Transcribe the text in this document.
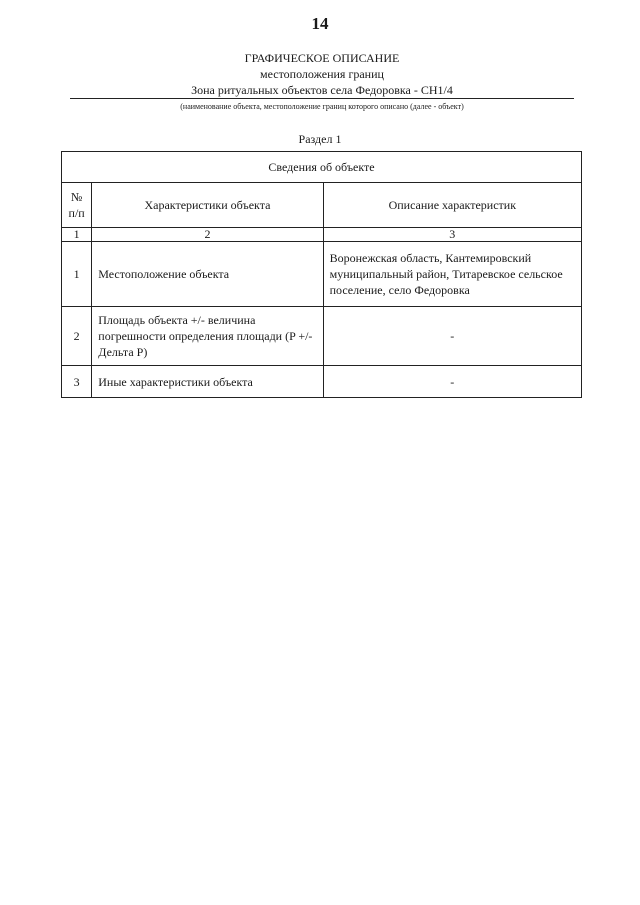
14
ГРАФИЧЕСКОЕ ОПИСАНИЕ
местоположения границ
Зона ритуальных объектов села Федоровка - СН1/4
(наименование объекта, местоположение границ которого описано (далее - объект)
Раздел 1
Сведения об объекте		
№ п/п	Характеристики объекта	Описание характеристик
1	2	3
1	Местоположение объекта	Воронежская область, Кантемировский муниципальный район, Титаревское сельское поселение, село Федоровка
2	Площадь объекта +/- величина погрешности определения площади (P +/- Дельта P)	-
3	Иные характеристики объекта	-
